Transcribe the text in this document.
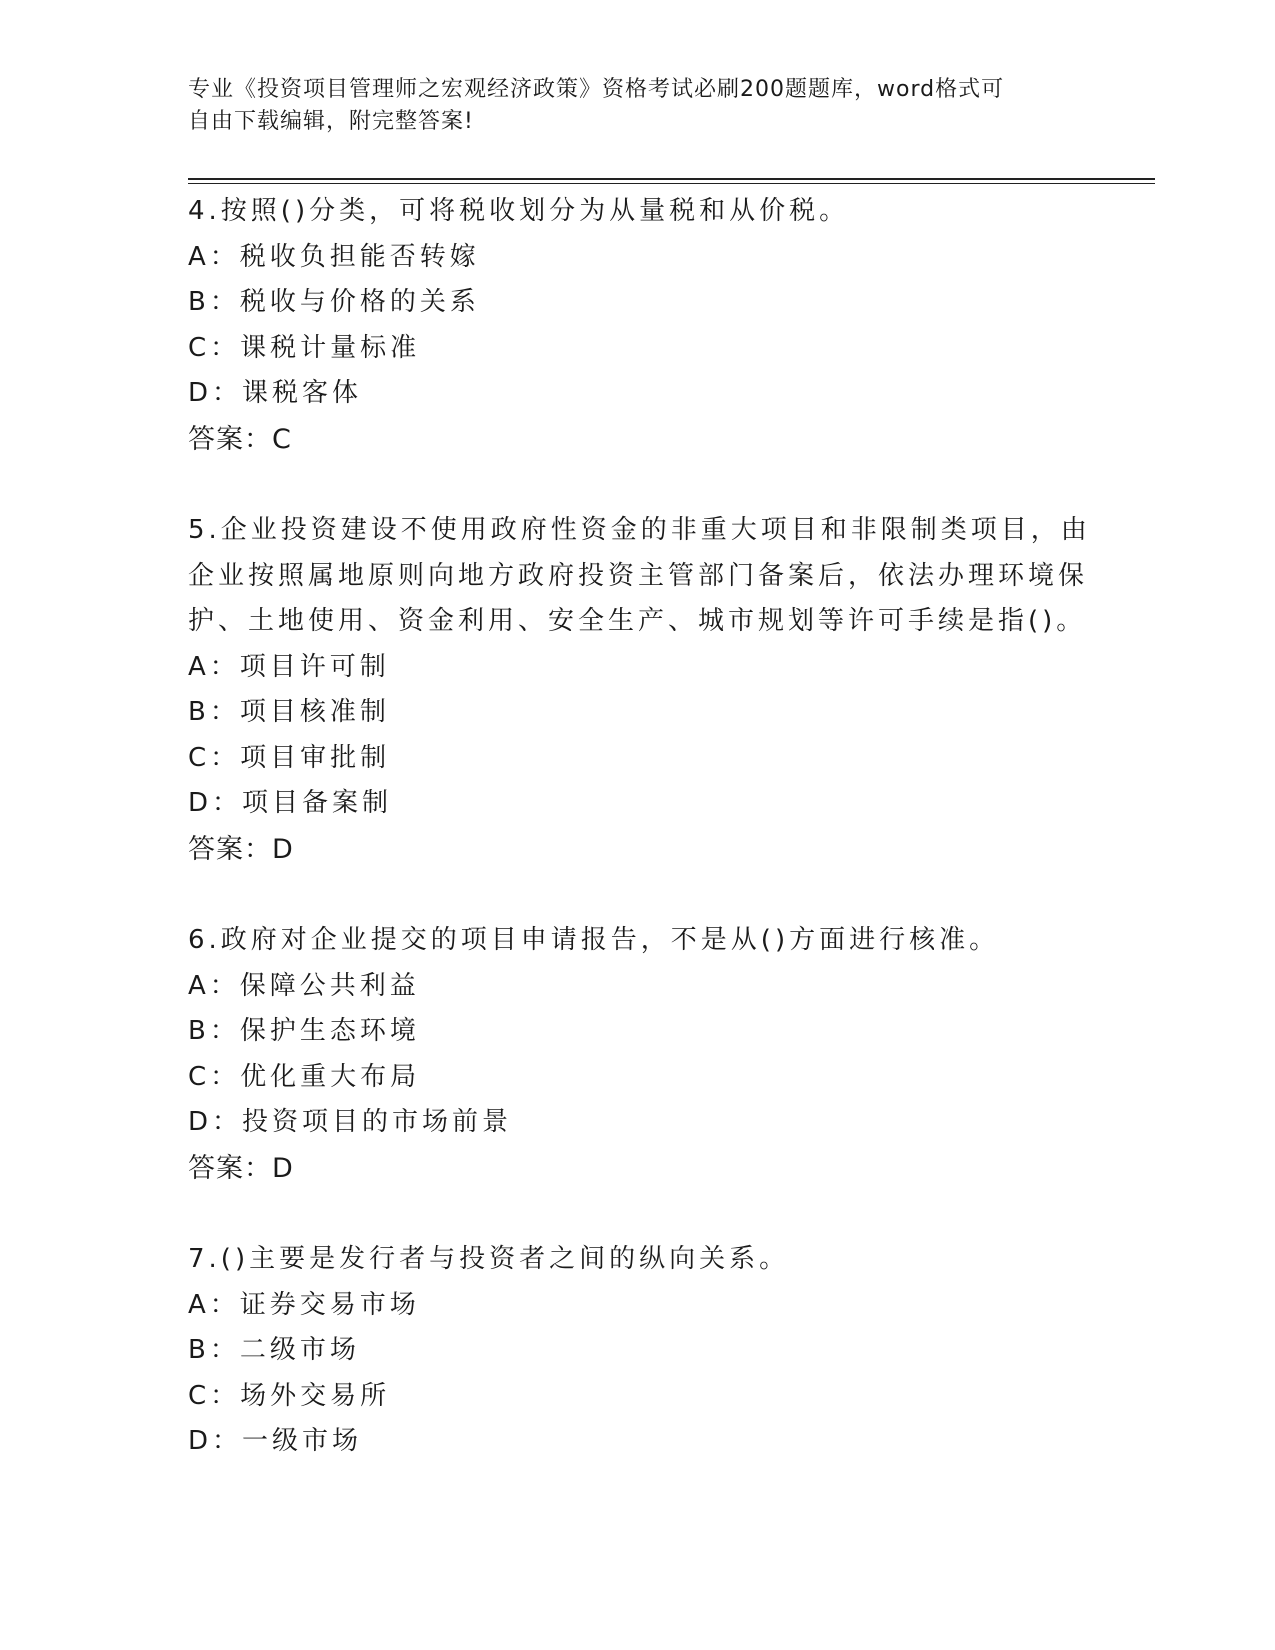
专业《投资项目管理师之宏观经济政策》资格考试必刷200题题库，word格式可
自由下载编辑，附完整答案!
4.按照()分类，可将税收划分为从量税和从价税。
A：税收负担能否转嫁
B：税收与价格的关系
C：课税计量标准
D：课税客体
答案：C
5.企业投资建设不使用政府性资金的非重大项目和非限制类项目，由
企业按照属地原则向地方政府投资主管部门备案后，依法办理环境保
护、土地使用、资金利用、安全生产、城市规划等许可手续是指()。
A：项目许可制
B：项目核准制
C：项目审批制
D：项目备案制
答案：D
6.政府对企业提交的项目申请报告，不是从()方面进行核准。
A：保障公共利益
B：保护生态环境
C：优化重大布局
D：投资项目的市场前景
答案：D
7.()主要是发行者与投资者之间的纵向关系。
A：证券交易市场
B：二级市场
C：场外交易所
D：一级市场
